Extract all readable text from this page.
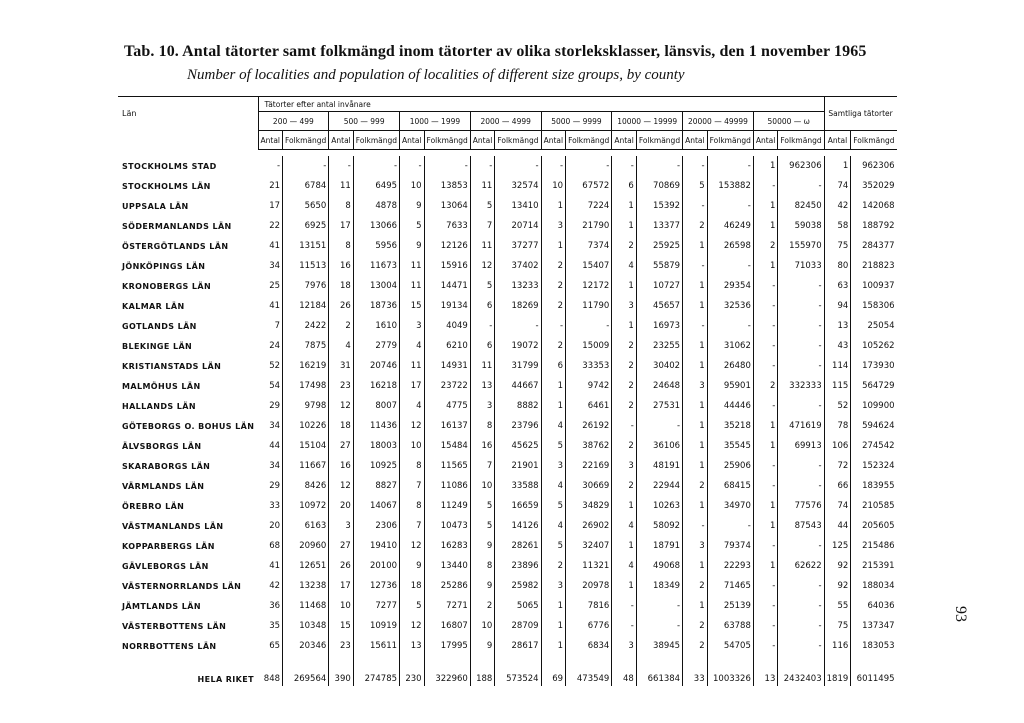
Tab. 10. Antal tätorter samt folkmängd inom tätorter av olika storleksklasser, länsvis, den 1 november 1965
Number of localities and population of localities of different size groups, by county
93
Län	Tätorter efter antal invånare																Samtliga tätorter	
	200 — 499		500 — 999		1000 — 1999		2000 — 4999		5000 — 9999		10000 — 19999		20000 — 49999		50000 — ω			
	Antal	Folkmängd	Antal	Folkmängd	Antal	Folkmängd	Antal	Folkmängd	Antal	Folkmängd	Antal	Folkmängd	Antal	Folkmängd	Antal	Folkmängd	Antal	Folkmängd

STOCKHOLMS STAD	-	-	-	-	-	-	-	-	-	-	-	-	-	-	1	962306	1	962306
STOCKHOLMS LÄN	21	6784	11	6495	10	13853	11	32574	10	67572	6	70869	5	153882	-	-	74	352029
UPPSALA LÄN	17	5650	8	4878	9	13064	5	13410	1	7224	1	15392	-	-	1	82450	42	142068
SÖDERMANLANDS LÄN	22	6925	17	13066	5	7633	7	20714	3	21790	1	13377	2	46249	1	59038	58	188792
ÖSTERGÖTLANDS LÄN	41	13151	8	5956	9	12126	11	37277	1	7374	2	25925	1	26598	2	155970	75	284377
JÖNKÖPINGS LÄN	34	11513	16	11673	11	15916	12	37402	2	15407	4	55879	-	-	1	71033	80	218823
KRONOBERGS LÄN	25	7976	18	13004	11	14471	5	13233	2	12172	1	10727	1	29354	-	-	63	100937
KALMAR LÄN	41	12184	26	18736	15	19134	6	18269	2	11790	3	45657	1	32536	-	-	94	158306
GOTLANDS LÄN	7	2422	2	1610	3	4049	-	-	-	-	1	16973	-	-	-	-	13	25054
BLEKINGE LÄN	24	7875	4	2779	4	6210	6	19072	2	15009	2	23255	1	31062	-	-	43	105262
KRISTIANSTADS LÄN	52	16219	31	20746	11	14931	11	31799	6	33353	2	30402	1	26480	-	-	114	173930
MALMÖHUS LÄN	54	17498	23	16218	17	23722	13	44667	1	9742	2	24648	3	95901	2	332333	115	564729
HALLANDS LÄN	29	9798	12	8007	4	4775	3	8882	1	6461	2	27531	1	44446	-	-	52	109900
GÖTEBORGS O. BOHUS LÄN	34	10226	18	11436	12	16137	8	23796	4	26192	-	-	1	35218	1	471619	78	594624
ÄLVSBORGS LÄN	44	15104	27	18003	10	15484	16	45625	5	38762	2	36106	1	35545	1	69913	106	274542
SKARABORGS LÄN	34	11667	16	10925	8	11565	7	21901	3	22169	3	48191	1	25906	-	-	72	152324
VÄRMLANDS LÄN	29	8426	12	8827	7	11086	10	33588	4	30669	2	22944	2	68415	-	-	66	183955
ÖREBRO LÄN	33	10972	20	14067	8	11249	5	16659	5	34829	1	10263	1	34970	1	77576	74	210585
VÄSTMANLANDS LÄN	20	6163	3	2306	7	10473	5	14126	4	26902	4	58092	-	-	1	87543	44	205605
KOPPARBERGS LÄN	68	20960	27	19410	12	16283	9	28261	5	32407	1	18791	3	79374	-	-	125	215486
GÄVLEBORGS LÄN	41	12651	26	20100	9	13440	8	23896	2	11321	4	49068	1	22293	1	62622	92	215391
VÄSTERNORRLANDS LÄN	42	13238	17	12736	18	25286	9	25982	3	20978	1	18349	2	71465	-	-	92	188034
JÄMTLANDS LÄN	36	11468	10	7277	5	7271	2	5065	1	7816	-	-	1	25139	-	-	55	64036
VÄSTERBOTTENS LÄN	35	10348	15	10919	12	16807	10	28709	1	6776	-	-	2	63788	-	-	75	137347
NORRBOTTENS LÄN	65	20346	23	15611	13	17995	9	28617	1	6834	3	38945	2	54705	-	-	116	183053
HELA RIKET	848	269564	390	274785	230	322960	188	573524	69	473549	48	661384	33	1003326	13	2432403	1819	6011495
